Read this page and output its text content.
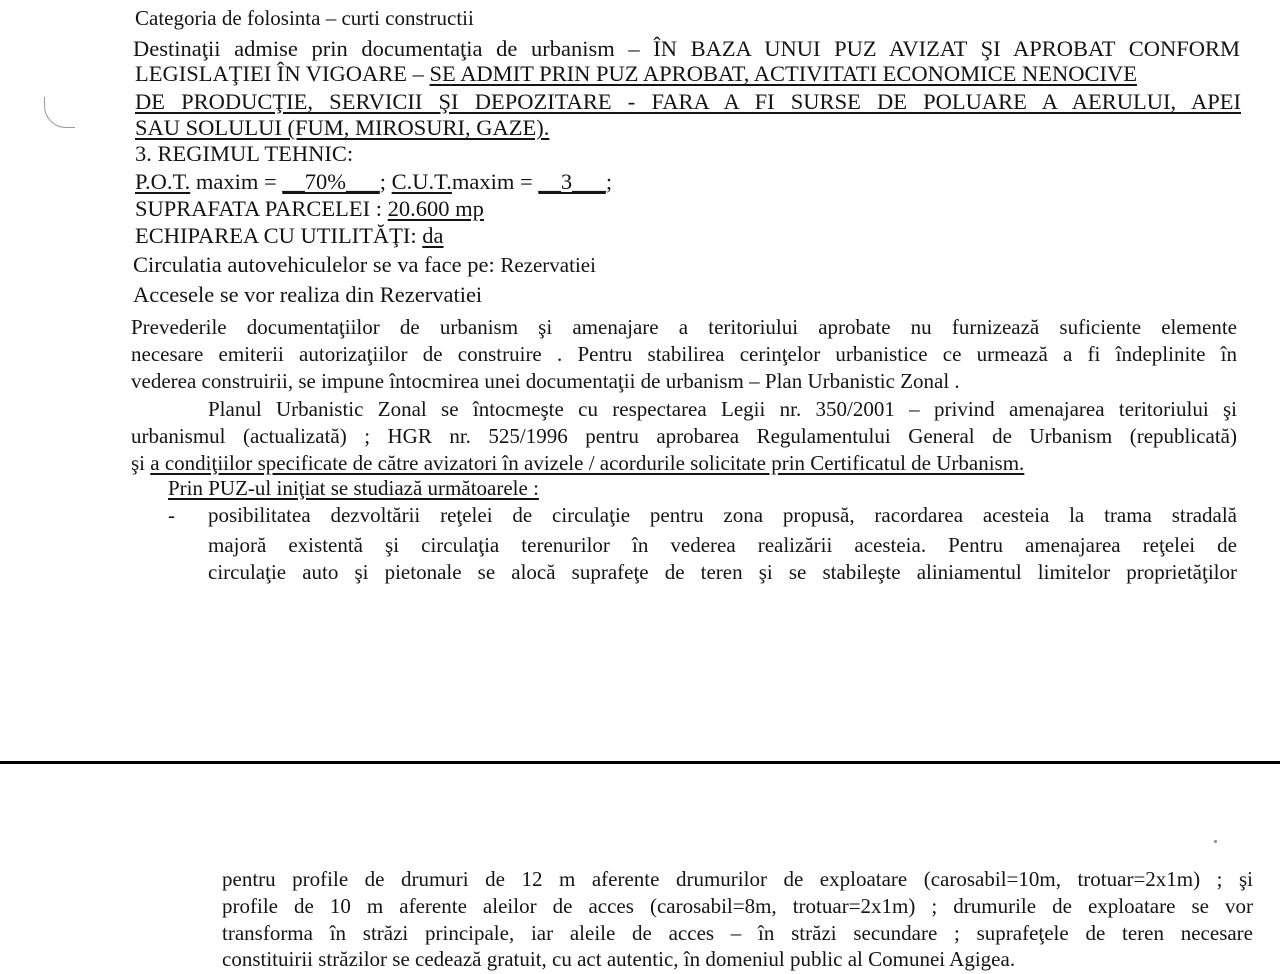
Categoria de folosinta – curti constructii
Destinaţii admise prin documentaţia de urbanism – ÎN BAZA UNUI PUZ AVIZAT ŞI APROBAT CONFORM
LEGISLAŢIEI ÎN VIGOARE – SE ADMIT PRIN PUZ APROBAT, ACTIVITATI ECONOMICE NENOCIVE
DE PRODUCŢIE, SERVICII ŞI DEPOZITARE - FARA A FI SURSE DE POLUARE A AERULUI, APEI
SAU SOLULUI (FUM, MIROSURI, GAZE).
3. REGIMUL TEHNIC:
P.O.T. maxim = __70%___; C.U.T.maxim = __3___;
SUPRAFATA PARCELEI : 20.600 mp
ECHIPAREA CU UTILITĂŢI: da
Circulatia autovehiculelor se va face pe: Rezervatiei
Accesele se vor realiza din Rezervatiei
Prevederile documentaţiilor de urbanism şi amenajare a teritoriului aprobate nu furnizează suficiente elemente
necesare emiterii autorizaţiilor de construire . Pentru stabilirea cerinţelor urbanistice ce urmează a fi îndeplinite în
vederea construirii, se impune întocmirea unei documentaţii de urbanism – Plan Urbanistic Zonal .
Planul Urbanistic Zonal se întocmeşte cu respectarea Legii nr. 350/2001 – privind amenajarea teritoriului şi
urbanismul (actualizată) ; HGR nr. 525/1996 pentru aprobarea Regulamentului General de Urbanism (republicată)
şi a condiţiilor specificate de către avizatori în avizele / acordurile solicitate prin Certificatul de Urbanism.
Prin PUZ-ul iniţiat se studiază următoarele :
- posibilitatea dezvoltării reţelei de circulaţie pentru zona propusă, racordarea acesteia la trama stradală
majoră existentă şi circulaţia terenurilor în vederea realizării acesteia. Pentru amenajarea reţelei de
circulaţie auto şi pietonale se alocă suprafeţe de teren şi se stabileşte aliniamentul limitelor proprietăţilor
pentru profile de drumuri de 12 m aferente drumurilor de exploatare (carosabil=10m, trotuar=2x1m) ; şi
profile de 10 m aferente aleilor de acces (carosabil=8m, trotuar=2x1m) ; drumurile de exploatare se vor
transforma în străzi principale, iar aleile de acces – în străzi secundare ; suprafeţele de teren necesare
constituirii străzilor se cedează gratuit, cu act autentic, în domeniul public al Comunei Agigea.
